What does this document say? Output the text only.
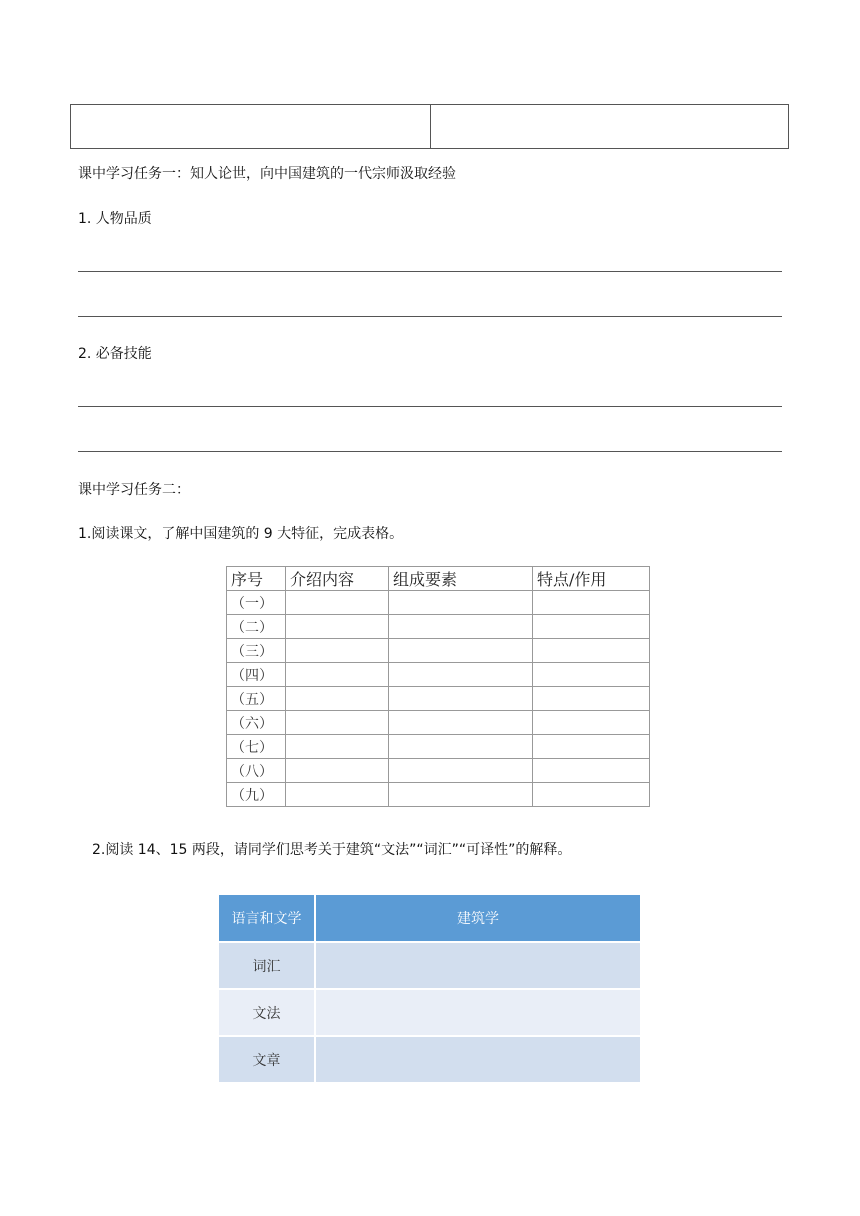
课中学习任务一：知人论世，向中国建筑的一代宗师汲取经验
1. 人物品质
2. 必备技能
课中学习任务二：
1.阅读课文，了解中国建筑的 9 大特征，完成表格。
序号	介绍内容	组成要素	特点/作用
（一）			
（二）			
（三）			
（四）			
（五）			
（六）			
（七）			
（八）			
（九）			
2.阅读 14、15 两段，请同学们思考关于建筑“文法”“词汇”“可译性”的解释。
语言和文学	建筑学
词汇	
文法	
文章	
